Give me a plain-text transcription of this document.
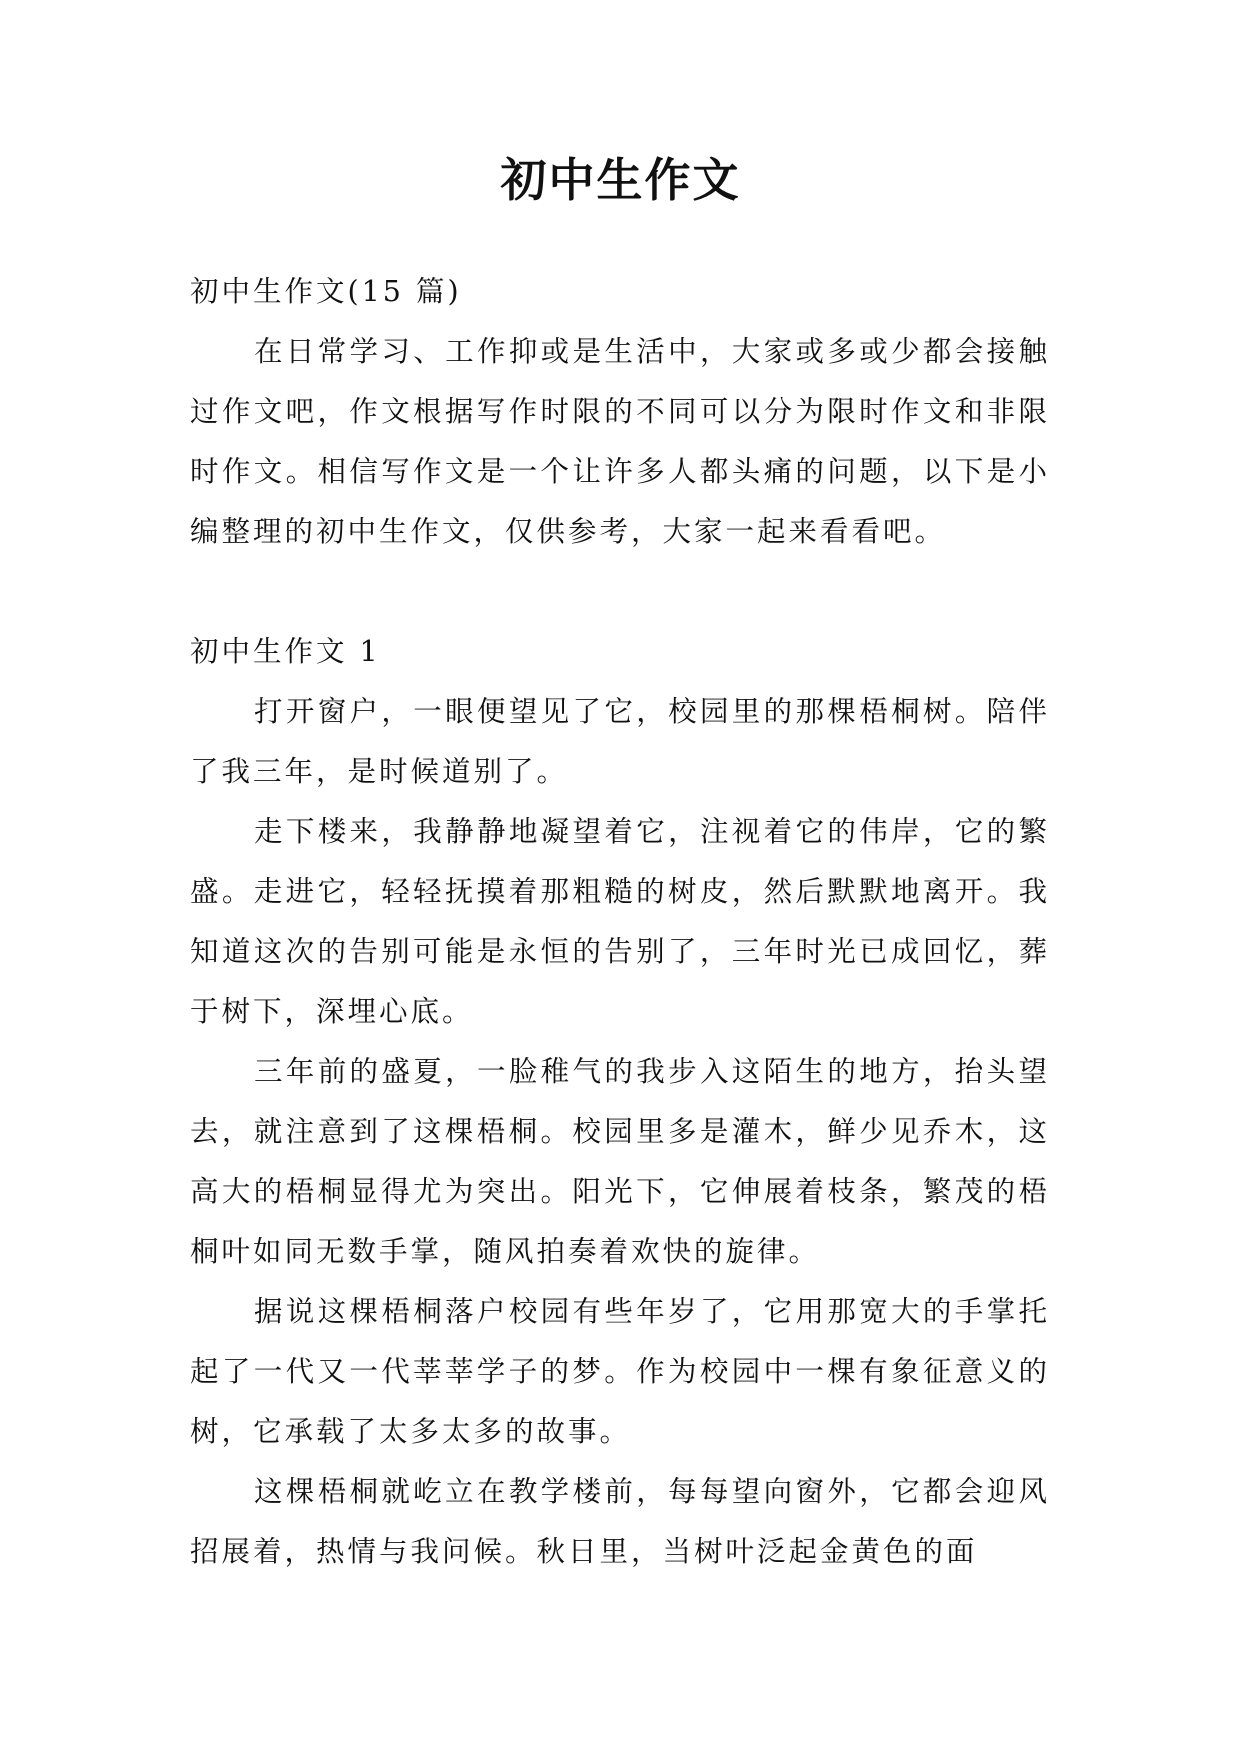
初中生作文

初中生作文(15 篇)

在日常学习、工作抑或是生活中，大家或多或少都会接触过作文吧，作文根据写作时限的不同可以分为限时作文和非限时作文。相信写作文是一个让许多人都头痛的问题，以下是小编整理的初中生作文，仅供参考，大家一起来看看吧。

初中生作文 1

打开窗户，一眼便望见了它，校园里的那棵梧桐树。陪伴了我三年，是时候道别了。

走下楼来，我静静地凝望着它，注视着它的伟岸，它的繁盛。走进它，轻轻抚摸着那粗糙的树皮，然后默默地离开。我知道这次的告别可能是永恒的告别了，三年时光已成回忆，葬于树下，深埋心底。

三年前的盛夏，一脸稚气的我步入这陌生的地方，抬头望去，就注意到了这棵梧桐。校园里多是灌木，鲜少见乔木，这高大的梧桐显得尤为突出。阳光下，它伸展着枝条，繁茂的梧桐叶如同无数手掌，随风拍奏着欢快的旋律。

据说这棵梧桐落户校园有些年岁了，它用那宽大的手掌托起了一代又一代莘莘学子的梦。作为校园中一棵有象征意义的树，它承载了太多太多的故事。

这棵梧桐就屹立在教学楼前，每每望向窗外，它都会迎风招展着，热情与我问候。秋日里，当树叶泛起金黄色的面
